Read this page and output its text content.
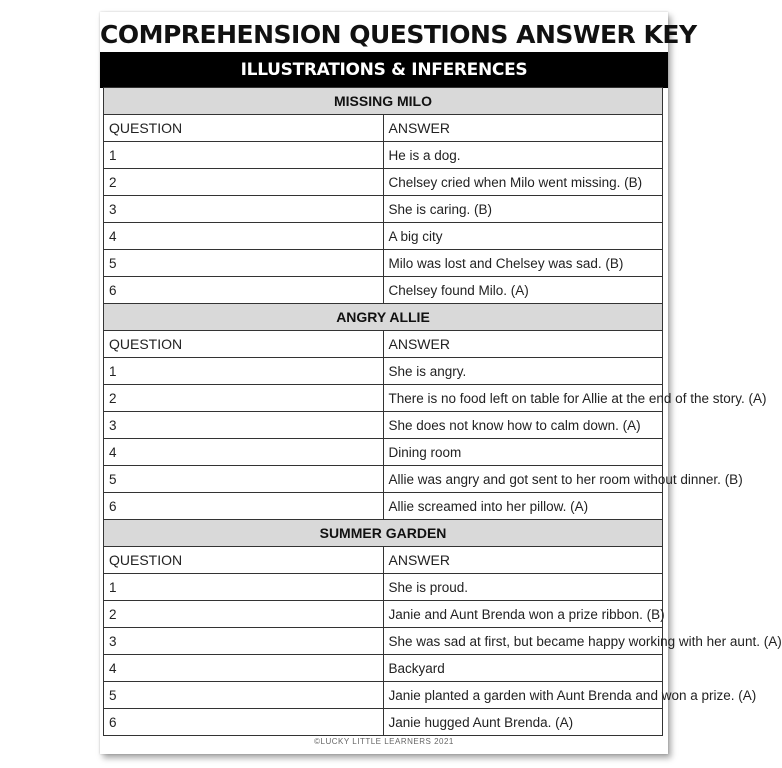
COMPREHENSION QUESTIONS ANSWER KEY
ILLUSTRATIONS & INFERENCES
MISSING MILO	
QUESTION	ANSWER
1	He is a dog.
2	Chelsey cried when Milo went missing. (B)
3	She is caring. (B)
4	A big city
5	Milo was lost and Chelsey was sad. (B)
6	Chelsey found Milo. (A)
ANGRY ALLIE	
QUESTION	ANSWER
1	She is angry.
2	There is no food left on table for Allie at the end of the story. (A)
3	She does not know how to calm down. (A)
4	Dining room
5	Allie was angry and got sent to her room without dinner. (B)
6	Allie screamed into her pillow. (A)
SUMMER GARDEN	
QUESTION	ANSWER
1	She is proud.
2	Janie and Aunt Brenda won a prize ribbon. (B)
3	She was sad at first, but became happy working with her aunt. (A)
4	Backyard
5	Janie planted a garden with Aunt Brenda and won a prize. (A)
6	Janie hugged Aunt Brenda. (A)
©LUCKY LITTLE LEARNERS 2021
